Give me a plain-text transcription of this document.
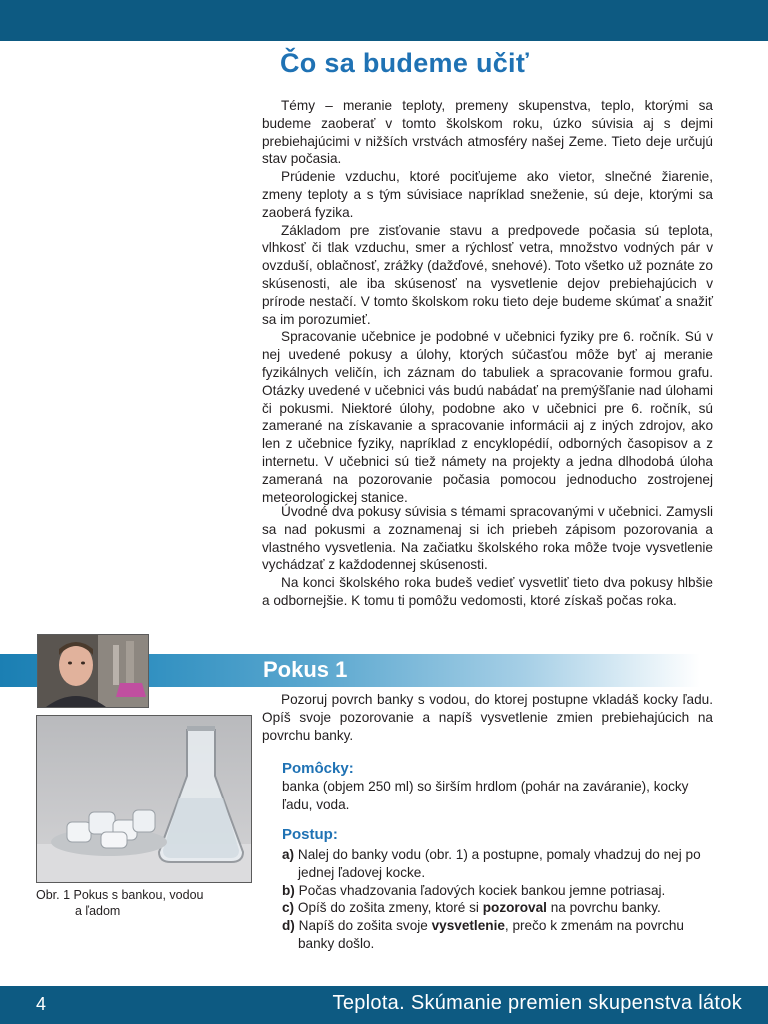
Čo sa budeme učiť

Témy – meranie teploty, premeny skupenstva, teplo, ktorými sa budeme zaoberať v tomto školskom roku, úzko súvisia aj s dejmi prebiehajúcimi v nižších vrstvách atmosféry našej Zeme. Tieto deje určujú stav počasia.

Prúdenie vzduchu, ktoré pociťujeme ako vietor, slnečné žiarenie, zmeny teploty a s tým súvisiace napríklad sneženie, sú deje, ktorými sa zaoberá fyzika.

Základom pre zisťovanie stavu a predpovede počasia sú teplota, vlhkosť či tlak vzduchu, smer a rýchlosť vetra, množstvo vodných pár v ovzduší, oblačnosť, zrážky (dažďové, snehové). Toto všetko už poznáte zo skúsenosti, ale iba skúsenosť na vysvetlenie dejov prebiehajúcich v prírode nestačí. V tomto školskom roku tieto deje budeme skúmať a snažiť sa im porozumieť.

Spracovanie učebnice je podobné v učebnici fyziky pre 6. ročník. Sú v nej uvedené pokusy a úlohy, ktorých súčasťou môže byť aj meranie fyzikálnych veličín, ich záznam do tabuliek a spracovanie formou grafu. Otázky uvedené v učebnici vás budú nabádať na premýšľanie nad úlohami či pokusmi. Niektoré úlohy, podobne ako v učebnici pre 6. ročník, sú zamerané na získavanie a spracovanie informácii aj z iných zdrojov, ako len z učebnice fyziky, napríklad z encyklopédií, odborných časopisov a z internetu. V učebnici sú tiež námety na projekty a jedna dlhodobá úloha zameraná na pozorovanie počasia pomocou jednoducho zostrojenej meteorologickej stanice.

Úvodné dva pokusy súvisia s témami spracovanými v učebnici. Zamysli sa nad pokusmi a zoznamenaj si ich priebeh zápisom pozorovania a vlastného vysvetlenia. Na začiatku školského roka môže tvoje vysvetlenie vychádzať z každodennej skúsenosti.

Na konci školského roka budeš vedieť vysvetliť tieto dva pokusy hlbšie a odbornejšie. K tomu ti pomôžu vedomosti, ktoré získaš počas roka.

Pokus 1

Obr. 1 Pokus s bankou, vodou
a ľadom

Pozoruj povrch banky s vodou, do ktorej postupne vkladáš kocky ľadu. Opíš svoje pozorovanie a napíš vysvetlenie zmien prebiehajúcich na povrchu banky.

Pomôcky:

banka (objem 250 ml) so širším hrdlom (pohár na zaváranie), kocky ľadu, voda.

Postup:
a) Nalej do banky vodu (obr. 1) a postupne, pomaly vhadzuj do nej po jednej ľadovej kocke.
b) Počas vhadzovania ľadových kociek bankou jemne potriasaj.
c) Opíš do zošita zmeny, ktoré si pozoroval na povrchu banky.
d) Napíš do zošita svoje vysvetlenie, prečo k zmenám na povrchu banky došlo.
4	Teplota. Skúmanie premien skupenstva látok
